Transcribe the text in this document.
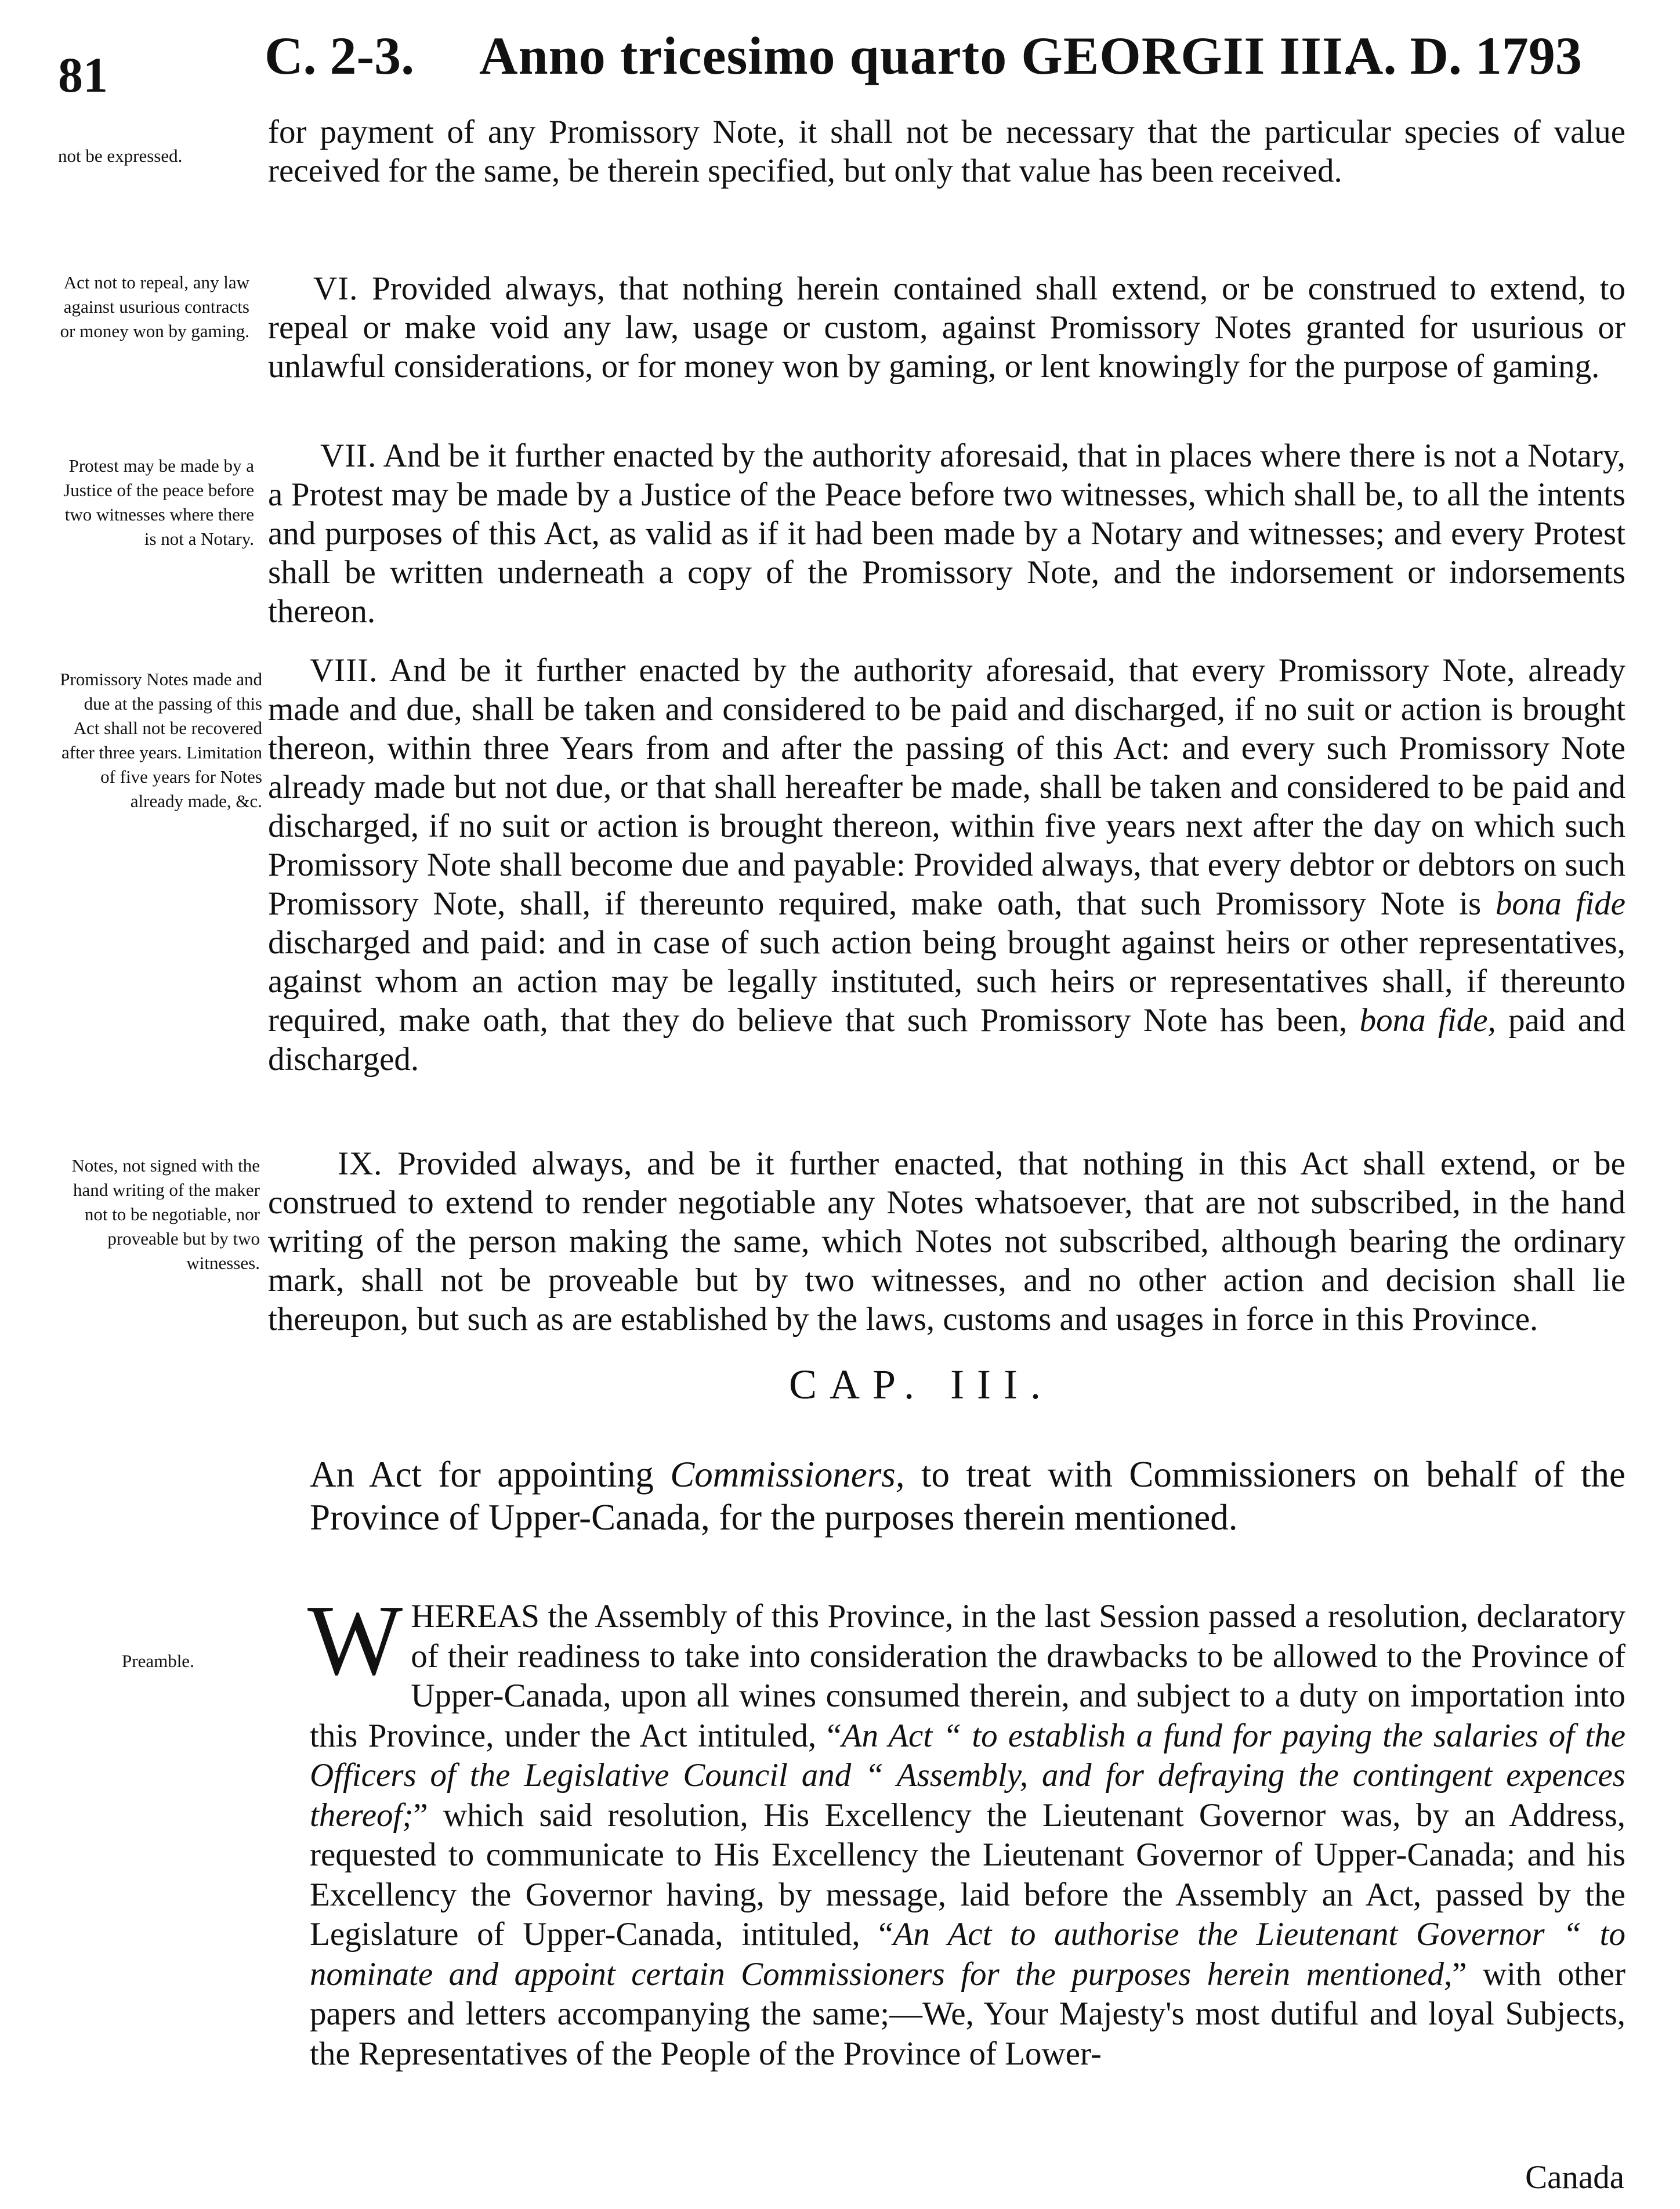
81	C. 2-3. Anno tricesimo quarto GEORGII III.
A. D. 1793
not be expressed.
Act not to repeal, any law against usurious contracts or money won by gaming.
Protest may be made by a Justice of the peace before two witnesses where there is not a Notary.
Promissory Notes made and due at the passing of this Act shall not be recovered after three years. Limitation of five years for Notes already made, &c.
Notes, not signed with the hand writing of the maker not to be negotiable, nor proveable but by two witnesses.
Preamble.

for payment of any Promissory Note, it shall not be necessary that the particular species of value received for the same, be therein specified, but only that value has been received.

VI. Provided always, that nothing herein contained shall extend, or be construed to extend, to repeal or make void any law, usage or custom, against Promissory Notes granted for usurious or unlawful considerations, or for money won by gaming, or lent knowingly for the purpose of gaming.

VII. And be it further enacted by the authority aforesaid, that in places where there is not a Notary, a Protest may be made by a Justice of the Peace before two witnesses, which shall be, to all the intents and purposes of this Act, as valid as if it had been made by a Notary and witnesses; and every Protest shall be written underneath a copy of the Promissory Note, and the indorsement or indorsements thereon.

VIII. And be it further enacted by the authority aforesaid, that every Promissory Note, already made and due, shall be taken and considered to be paid and discharged, if no suit or action is brought thereon, within three Years from and after the passing of this Act: and every such Promissory Note already made but not due, or that shall hereafter be made, shall be taken and considered to be paid and discharged, if no suit or action is brought thereon, within five years next after the day on which such Promissory Note shall become due and payable: Provided always, that every debtor or debtors on such Promissory Note, shall, if thereunto required, make oath, that such Promissory Note is bona fide discharged and paid: and in case of such action being brought against heirs or other representatives, against whom an action may be legally instituted, such heirs or representatives shall, if thereunto required, make oath, that they do believe that such Promissory Note has been, bona fide, paid and discharged.

IX. Provided always, and be it further enacted, that nothing in this Act shall extend, or be construed to extend to render negotiable any Notes whatsoever, that are not subscribed, in the hand writing of the person making the same, which Notes not subscribed, although bearing the ordinary mark, shall not be proveable but by two witnesses, and no other action and decision shall lie thereupon, but such as are established by the laws, customs and usages in force in this Province.

CAP. III.
An Act for appointing Commissioners, to treat with Commissioners on behalf of the Province of Upper-Canada, for the purposes therein mentioned.
WHEREAS the Assembly of this Province, in the last Session passed a resolution, declaratory of their readiness to take into consideration the drawbacks to be allowed to the Province of Upper-Canada, upon all wines consumed therein, and subject to a duty on importation into this Province, under the Act intituled, “An Act “ to establish a fund for paying the salaries of the Officers of the Legislative Council and “ Assembly, and for defraying the contingent expences thereof;” which said resolution, His Excellency the Lieutenant Governor was, by an Address, requested to communicate to His Excellency the Lieutenant Governor of Upper-Canada; and his Excellency the Governor having, by message, laid before the Assembly an Act, passed by the Legislature of Upper-Canada, intituled, “An Act to authorise the Lieutenant Governor “ to nominate and appoint certain Commissioners for the purposes herein mentioned,” with other papers and letters accompanying the same;—We, Your Majesty's most dutiful and loyal Subjects, the Representatives of the People of the Province of Lower-
Canada
